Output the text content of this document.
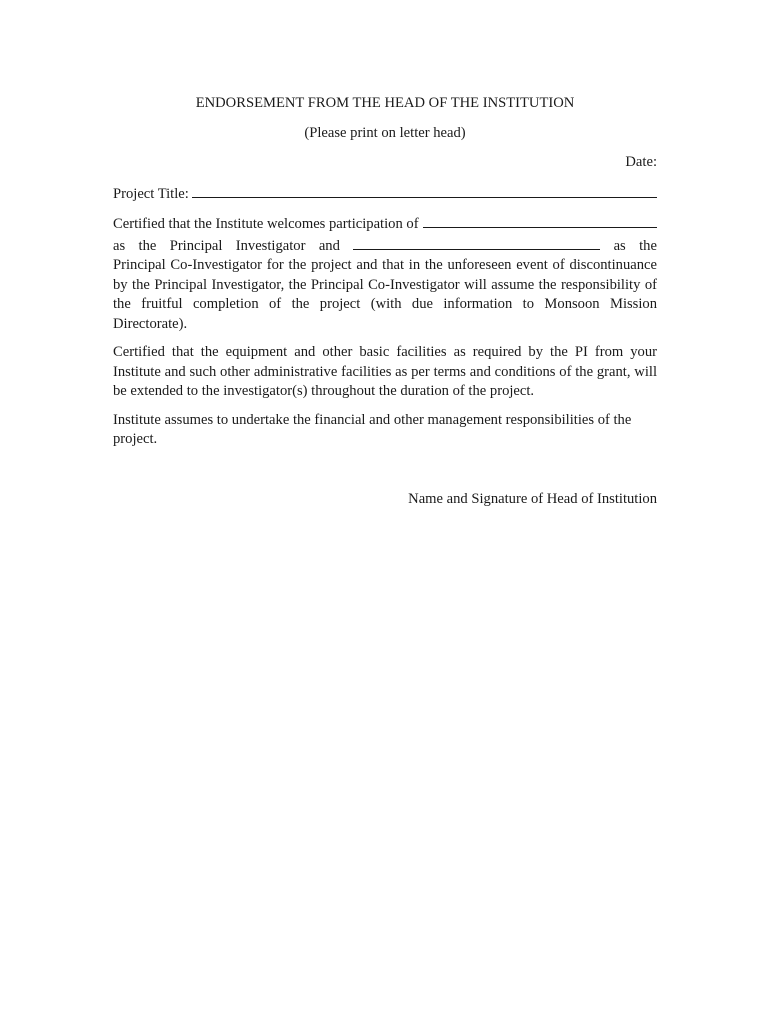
ENDORSEMENT FROM THE HEAD OF THE INSTITUTION

(Please print on letter head)

Date:

Project Title:
Certified that the Institute welcomes participation of
as the Principal Investigator and	as the
Principal Co-Investigator for the project and that in the unforeseen event of discontinuance by the Principal Investigator, the Principal Co-Investigator will assume the responsibility of the fruitful completion of the project (with due information to Monsoon Mission Directorate).

Certified that the equipment and other basic facilities as required by the PI from your Institute and such other administrative facilities as per terms and conditions of the grant, will be extended to the investigator(s) throughout the duration of the project.

Institute assumes to undertake the financial and other management responsibilities of the project.

Name and Signature of Head of Institution
